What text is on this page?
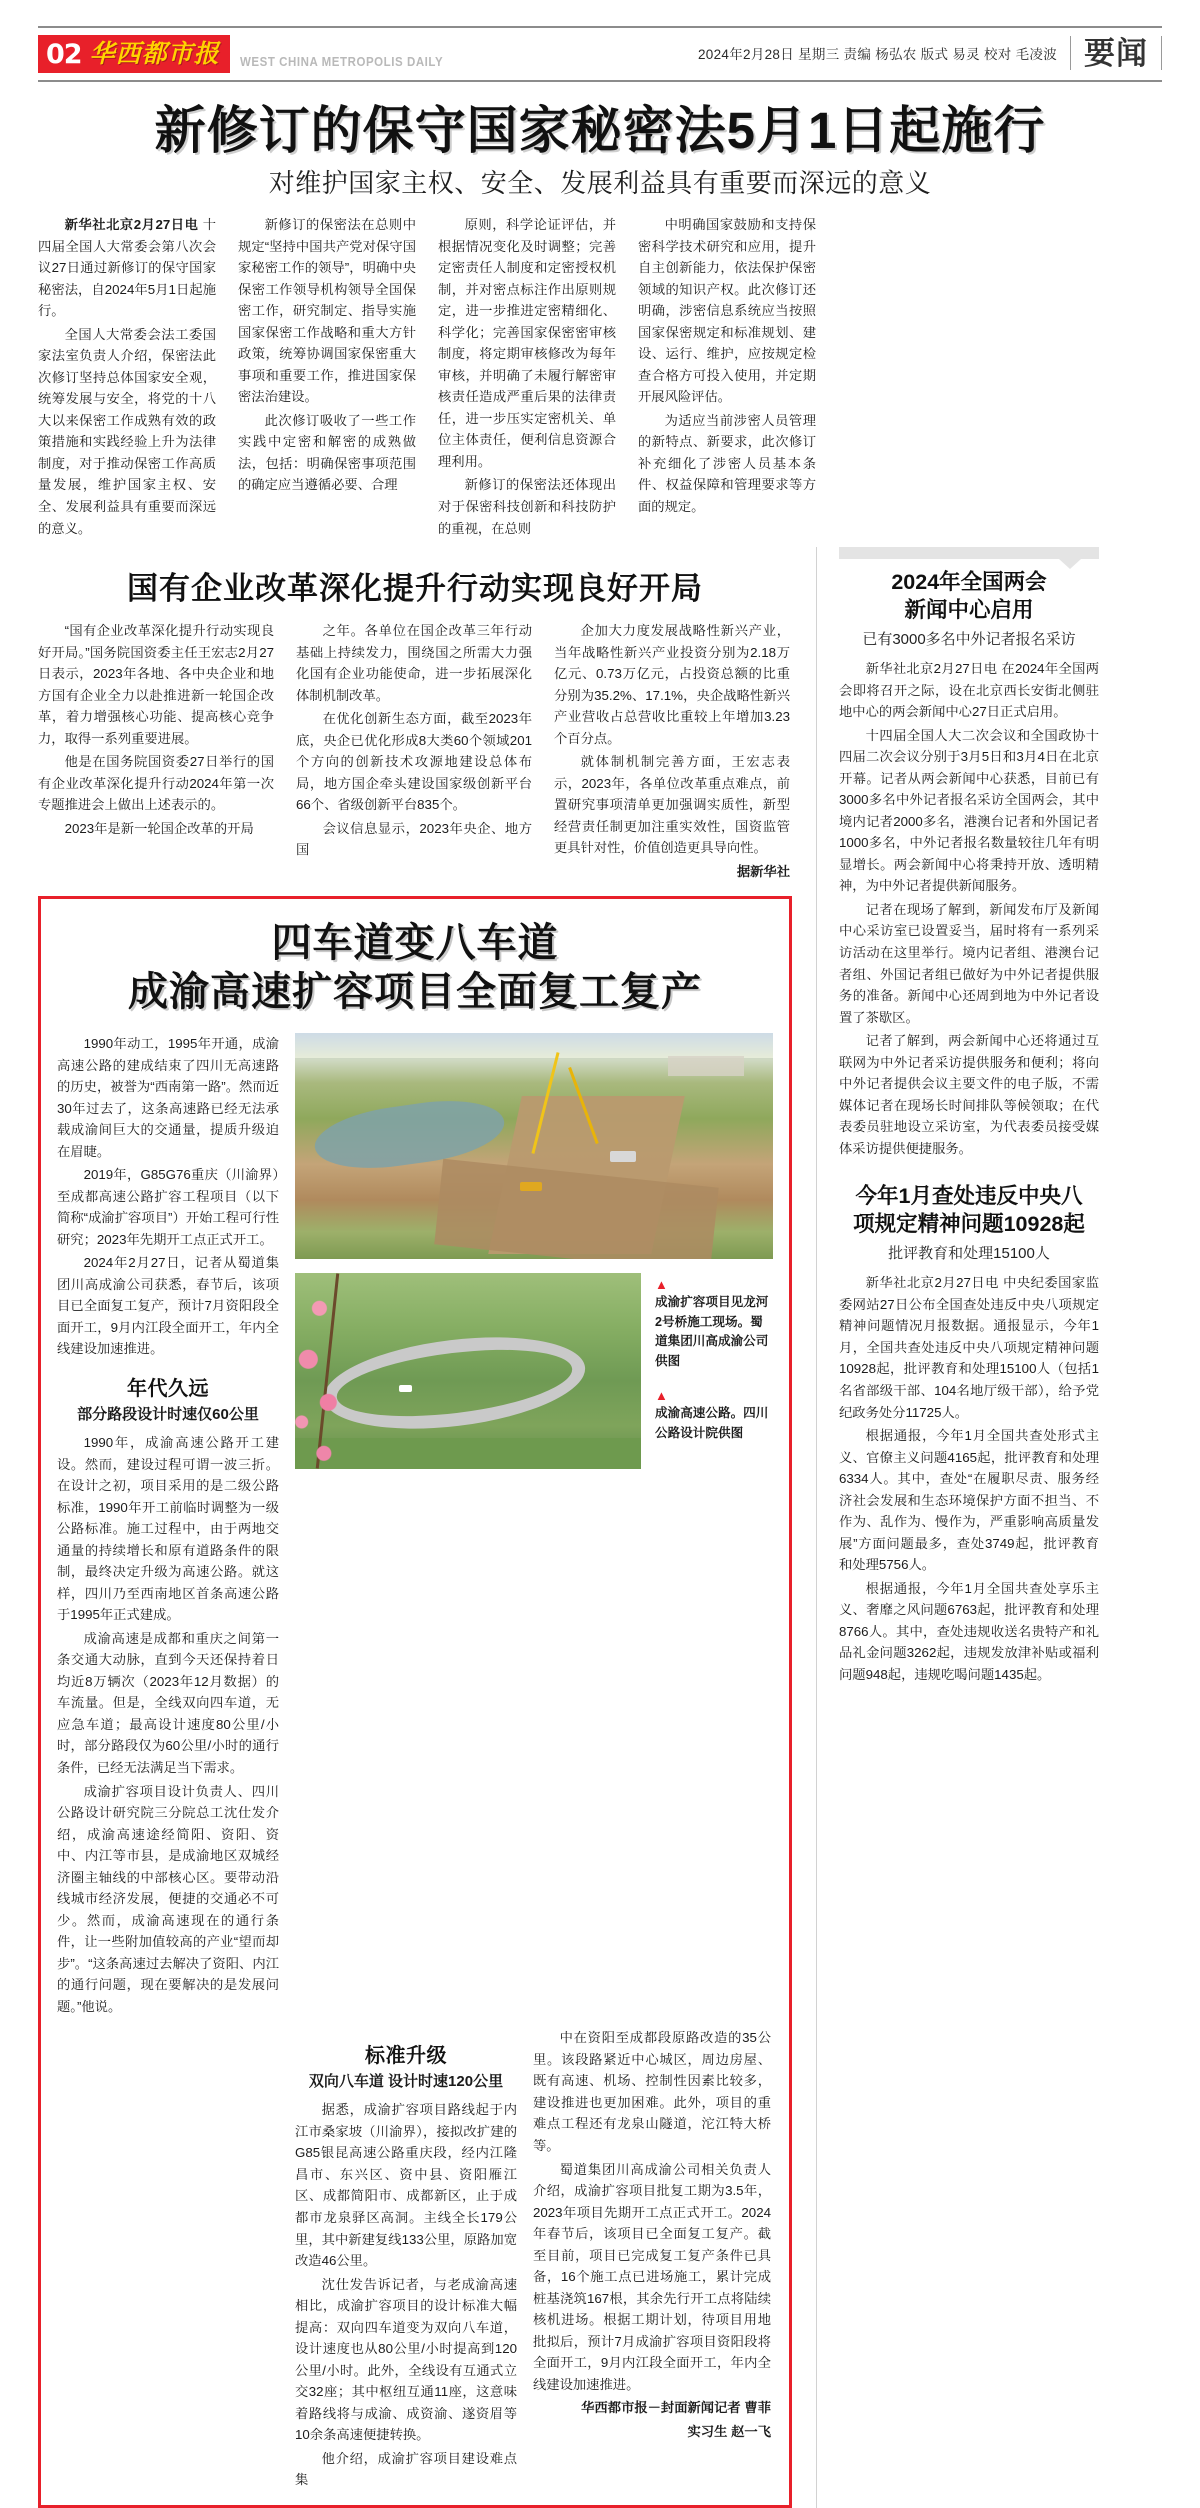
02 华西都市报 WEST CHINA METROPOLIS DAILY	2024年2月28日 星期三 责编 杨弘农 版式 易灵 校对 毛凌波 要闻
新修订的保守国家秘密法5月1日起施行
对维护国家主权、安全、发展利益具有重要而深远的意义

新华社北京2月27日电 十四届全国人大常委会第八次会议27日通过新修订的保守国家秘密法，自2024年5月1日起施行。

全国人大常委会法工委国家法室负责人介绍，保密法此次修订坚持总体国家安全观，统筹发展与安全，将党的十八大以来保密工作成熟有效的政策措施和实践经验上升为法律制度，对于推动保密工作高质量发展，维护国家主权、安全、发展利益具有重要而深远的意义。

新修订的保密法在总则中规定“坚持中国共产党对保守国家秘密工作的领导”，明确中央保密工作领导机构领导全国保密工作，研究制定、指导实施国家保密工作战略和重大方针政策，统筹协调国家保密重大事项和重要工作，推进国家保密法治建设。

此次修订吸收了一些工作实践中定密和解密的成熟做法，包括：明确保密事项范围的确定应当遵循必要、合理

原则，科学论证评估，并根据情况变化及时调整；完善定密责任人制度和定密授权机制，并对密点标注作出原则规定，进一步推进定密精细化、科学化；完善国家保密密审核制度，将定期审核修改为每年审核，并明确了未履行解密审核责任造成严重后果的法律责任，进一步压实定密机关、单位主体责任，便利信息资源合理利用。

新修订的保密法还体现出对于保密科技创新和科技防护的重视，在总则

中明确国家鼓励和支持保密科学技术研究和应用，提升自主创新能力，依法保护保密领域的知识产权。此次修订还明确，涉密信息系统应当按照国家保密规定和标准规划、建设、运行、维护，应按规定检查合格方可投入使用，并定期开展风险评估。

为适应当前涉密人员管理的新特点、新要求，此次修订补充细化了涉密人员基本条件、权益保障和管理要求等方面的规定。

国有企业改革深化提升行动实现良好开局

“国有企业改革深化提升行动实现良好开局。”国务院国资委主任王宏志2月27日表示，2023年各地、各中央企业和地方国有企业全力以赴推进新一轮国企改革，着力增强核心功能、提高核心竞争力，取得一系列重要进展。

他是在国务院国资委27日举行的国有企业改革深化提升行动2024年第一次专题推进会上做出上述表示的。

2023年是新一轮国企改革的开局

之年。各单位在国企改革三年行动基础上持续发力，围绕国之所需大力强化国有企业功能使命，进一步拓展深化体制机制改革。

在优化创新生态方面，截至2023年底，央企已优化形成8大类60个领域201个方向的创新技术攻源地建设总体布局，地方国企牵头建设国家级创新平台66个、省级创新平台835个。

会议信息显示，2023年央企、地方国

企加大力度发展战略性新兴产业，当年战略性新兴产业投资分别为2.18万亿元、0.73万亿元，占投资总额的比重分别为35.2%、17.1%，央企战略性新兴产业营收占总营收比重较上年增加3.23个百分点。

就体制机制完善方面，王宏志表示，2023年，各单位改革重点难点，前置研究事项清单更加强调实质性，新型经营责任制更加注重实效性，国资监管更具针对性，价值创造更具导向性。

据新华社

四车道变八车道
成渝高速扩容项目全面复工复产

1990年动工，1995年开通，成渝高速公路的建成结束了四川无高速路的历史，被誉为“西南第一路”。然而近30年过去了，这条高速路已经无法承载成渝间巨大的交通量，提质升级迫在眉睫。

2019年，G85G76重庆（川渝界）至成都高速公路扩容工程项目（以下简称“成渝扩容项目”）开始工程可行性研究；2023年先期开工点正式开工。

2024年2月27日，记者从蜀道集团川高成渝公司获悉，春节后，该项目已全面复工复产，预计7月资阳段全面开工，9月内江段全面开工，年内全线建设加速推进。

年代久远
部分路段设计时速仅60公里

1990年，成渝高速公路开工建设。然而，建设过程可谓一波三折。在设计之初，项目采用的是二级公路标准，1990年开工前临时调整为一级公路标准。施工过程中，由于两地交通量的持续增长和原有道路条件的限制，最终决定升级为高速公路。就这样，四川乃至西南地区首条高速公路于1995年正式建成。

成渝高速是成都和重庆之间第一条交通大动脉，直到今天还保持着日均近8万辆次（2023年12月数据）的车流量。但是，全线双向四车道，无应急车道；最高设计速度80公里/小时，部分路段仅为60公里/小时的通行条件，已经无法满足当下需求。

成渝扩容项目设计负责人、四川公路设计研究院三分院总工沈仕发介绍，成渝高速途经简阳、资阳、资中、内江等市县，是成渝地区双城经济圈主轴线的中部核心区。要带动沿线城市经济发展，便捷的交通必不可少。然而，成渝高速现在的通行条件，让一些附加值较高的产业“望而却步”。“这条高速过去解决了资阳、内江的通行问题，现在要解决的是发展问题。”他说。

▲
成渝扩容项目见龙河2号桥施工现场。蜀道集团川高成渝公司供图

▲
成渝高速公路。四川公路设计院供图

标准升级
双向八车道 设计时速120公里

据悉，成渝扩容项目路线起于内江市桑家坡（川渝界），接拟改扩建的G85银昆高速公路重庆段，经内江隆昌市、东兴区、资中县、资阳雁江区、成都简阳市、成都新区，止于成都市龙泉驿区高洞。主线全长179公里，其中新建复线133公里，原路加宽改造46公里。

沈仕发告诉记者，与老成渝高速相比，成渝扩容项目的设计标准大幅提高：双向四车道变为双向八车道，设计速度也从80公里/小时提高到120公里/小时。此外，全线设有互通式立交32座；其中枢纽互通11座，这意味着路线将与成渝、成资渝、遂资眉等10余条高速便捷转换。

他介绍，成渝扩容项目建设难点集

中在资阳至成都段原路改造的35公里。该段路紧近中心城区，周边房屋、既有高速、机场、控制性因素比较多，建设推进也更加困难。此外，项目的重难点工程还有龙泉山隧道，沱江特大桥等。

蜀道集团川高成渝公司相关负责人介绍，成渝扩容项目批复工期为3.5年，2023年项目先期开工点正式开工。2024年春节后，该项目已全面复工复产。截至目前，项目已完成复工复产条件已具备，16个施工点已进场施工，累计完成桩基浇筑167根，其余先行开工点将陆续核机进场。根据工期计划，待项目用地批拟后，预计7月成渝扩容项目资阳段将全面开工，9月内江段全面开工，年内全线建设加速推进。

华西都市报－封面新闻记者 曹菲

实习生 赵一飞

2024年全国两会
新闻中心启用
已有3000多名中外记者报名采访

新华社北京2月27日电 在2024年全国两会即将召开之际，设在北京西长安街北侧驻地中心的两会新闻中心27日正式启用。

十四届全国人大二次会议和全国政协十四届二次会议分别于3月5日和3月4日在北京开幕。记者从两会新闻中心获悉，目前已有3000多名中外记者报名采访全国两会，其中境内记者2000多名，港澳台记者和外国记者1000多名，中外记者报名数量较往几年有明显增长。两会新闻中心将秉持开放、透明精神，为中外记者提供新闻服务。

记者在现场了解到，新闻发布厅及新闻中心采访室已设置妥当，届时将有一系列采访活动在这里举行。境内记者组、港澳台记者组、外国记者组已做好为中外记者提供服务的准备。新闻中心还周到地为中外记者设置了茶歇区。

记者了解到，两会新闻中心还将通过互联网为中外记者采访提供服务和便利；将向中外记者提供会议主要文件的电子版，不需媒体记者在现场长时间排队等候领取；在代表委员驻地设立采访室，为代表委员接受媒体采访提供便捷服务。

今年1月查处违反中央八
项规定精神问题10928起
批评教育和处理15100人

新华社北京2月27日电 中央纪委国家监委网站27日公布全国查处违反中央八项规定精神问题情况月报数据。通报显示，今年1月，全国共查处违反中央八项规定精神问题10928起，批评教育和处理15100人（包括1名省部级干部、104名地厅级干部），给予党纪政务处分11725人。

根据通报，今年1月全国共查处形式主义、官僚主义问题4165起，批评教育和处理6334人。其中，查处“在履职尽责、服务经济社会发展和生态环境保护方面不担当、不作为、乱作为、慢作为，严重影响高质量发展”方面问题最多，查处3749起，批评教育和处理5756人。

根据通报，今年1月全国共查处享乐主义、奢靡之风问题6763起，批评教育和处理8766人。其中，查处违规收送名贵特产和礼品礼金问题3262起，违规发放津补贴或福利问题948起，违规吃喝问题1435起。
